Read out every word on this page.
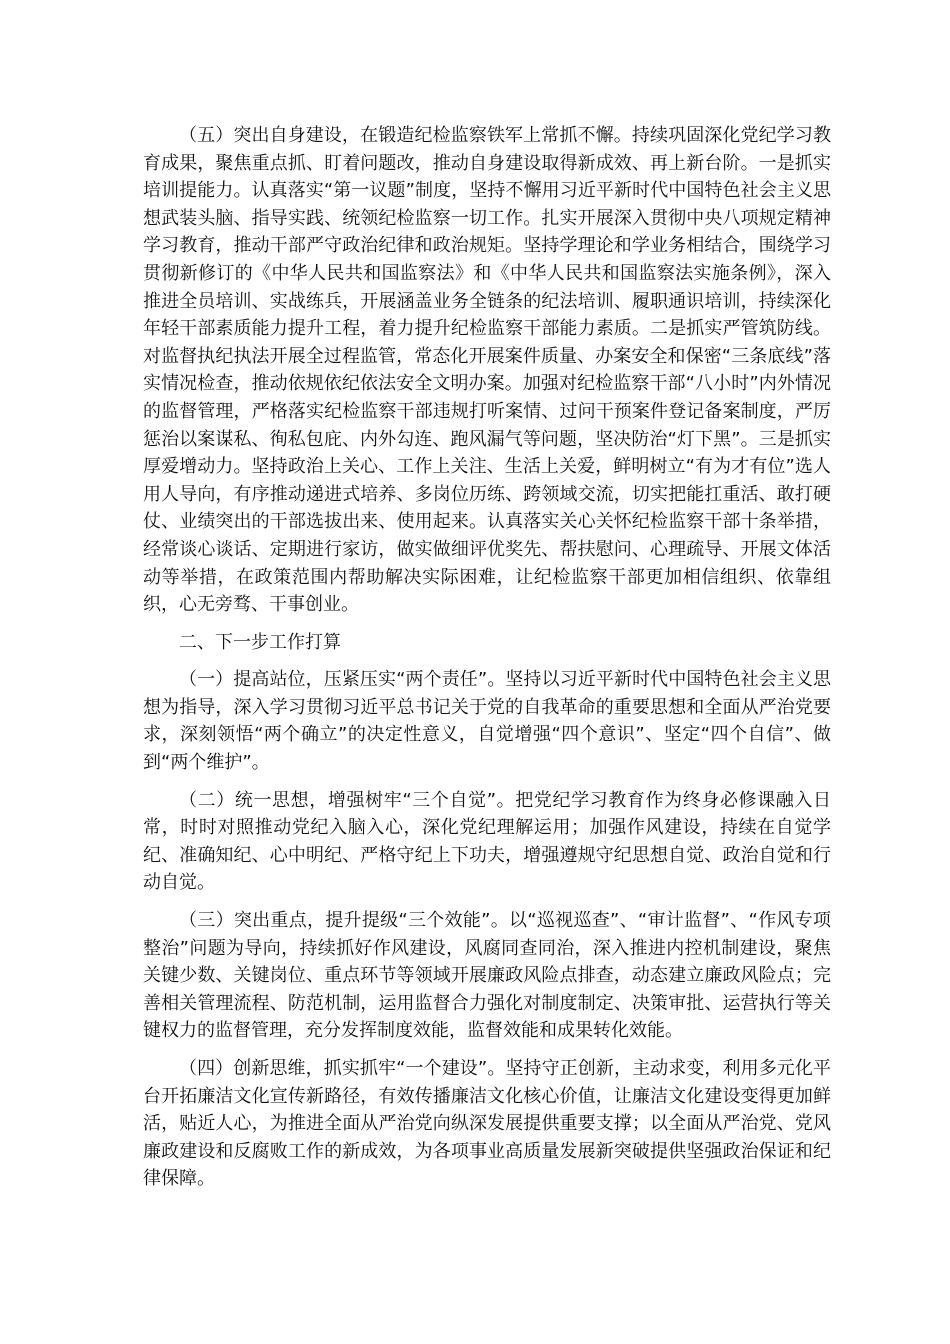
（五）突出自身建设，在锻造纪检监察铁军上常抓不懈。持续巩固深化党纪学习教育成果，聚焦重点抓、盯着问题改，推动自身建设取得新成效、再上新台阶。一是抓实培训提能力。认真落实“第一议题”制度，坚持不懈用习近平新时代中国特色社会主义思想武装头脑、指导实践、统领纪检监察一切工作。扎实开展深入贯彻中央八项规定精神学习教育，推动干部严守政治纪律和政治规矩。坚持学理论和学业务相结合，围绕学习贯彻新修订的《中华人民共和国监察法》和《中华人民共和国监察法实施条例》，深入推进全员培训、实战练兵，开展涵盖业务全链条的纪法培训、履职通识培训，持续深化年轻干部素质能力提升工程，着力提升纪检监察干部能力素质。二是抓实严管筑防线。对监督执纪执法开展全过程监管，常态化开展案件质量、办案安全和保密“三条底线”落实情况检查，推动依规依纪依法安全文明办案。加强对纪检监察干部“八小时”内外情况的监督管理，严格落实纪检监察干部违规打听案情、过问干预案件登记备案制度，严厉惩治以案谋私、徇私包庇、内外勾连、跑风漏气等问题，坚决防治“灯下黑”。三是抓实厚爱增动力。坚持政治上关心、工作上关注、生活上关爱，鲜明树立“有为才有位”选人用人导向，有序推动递进式培养、多岗位历练、跨领域交流，切实把能扛重活、敢打硬仗、业绩突出的干部选拔出来、使用起来。认真落实关心关怀纪检监察干部十条举措，经常谈心谈话、定期进行家访，做实做细评优奖先、帮扶慰问、心理疏导、开展文体活动等举措，在政策范围内帮助解决实际困难，让纪检监察干部更加相信组织、依靠组织，心无旁骛、干事创业。

二、下一步工作打算

（一）提高站位，压紧压实“两个责任”。坚持以习近平新时代中国特色社会主义思想为指导，深入学习贯彻习近平总书记关于党的自我革命的重要思想和全面从严治党要求，深刻领悟“两个确立”的决定性意义，自觉增强“四个意识”、坚定“四个自信”、做到“两个维护”。

（二）统一思想，增强树牢“三个自觉”。把党纪学习教育作为终身必修课融入日常，时时对照推动党纪入脑入心，深化党纪理解运用；加强作风建设，持续在自觉学纪、准确知纪、心中明纪、严格守纪上下功夫，增强遵规守纪思想自觉、政治自觉和行动自觉。

（三）突出重点，提升提级“三个效能”。以“巡视巡查”、“审计监督”、“作风专项整治”问题为导向，持续抓好作风建设，风腐同查同治，深入推进内控机制建设，聚焦关键少数、关键岗位、重点环节等领域开展廉政风险点排查，动态建立廉政风险点；完善相关管理流程、防范机制，运用监督合力强化对制度制定、决策审批、运营执行等关键权力的监督管理，充分发挥制度效能，监督效能和成果转化效能。

（四）创新思维，抓实抓牢“一个建设”。坚持守正创新，主动求变，利用多元化平台开拓廉洁文化宣传新路径，有效传播廉洁文化核心价值，让廉洁文化建设变得更加鲜活，贴近人心，为推进全面从严治党向纵深发展提供重要支撑；以全面从严治党、党风廉政建设和反腐败工作的新成效，为各项事业高质量发展新突破提供坚强政治保证和纪律保障。
